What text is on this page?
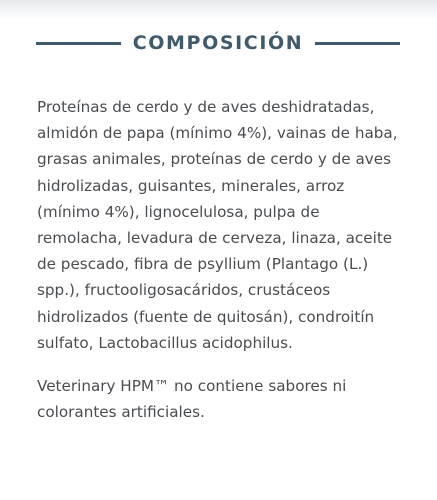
COMPOSICIÓN

Proteínas de cerdo y de aves deshidratadas, almidón de papa (mínimo 4%), vainas de haba, grasas animales, proteínas de cerdo y de aves hidrolizadas, guisantes, minerales, arroz (mínimo 4%), lignocelulosa, pulpa de remolacha, levadura de cerveza, linaza, aceite de pescado, fibra de psyllium (Plantago (L.) spp.), fructooligosacáridos, crustáceos hidrolizados (fuente de quitosán), condroitín sulfato, Lactobacillus acidophilus.

Veterinary HPM™ no contiene sabores ni colorantes artificiales.
